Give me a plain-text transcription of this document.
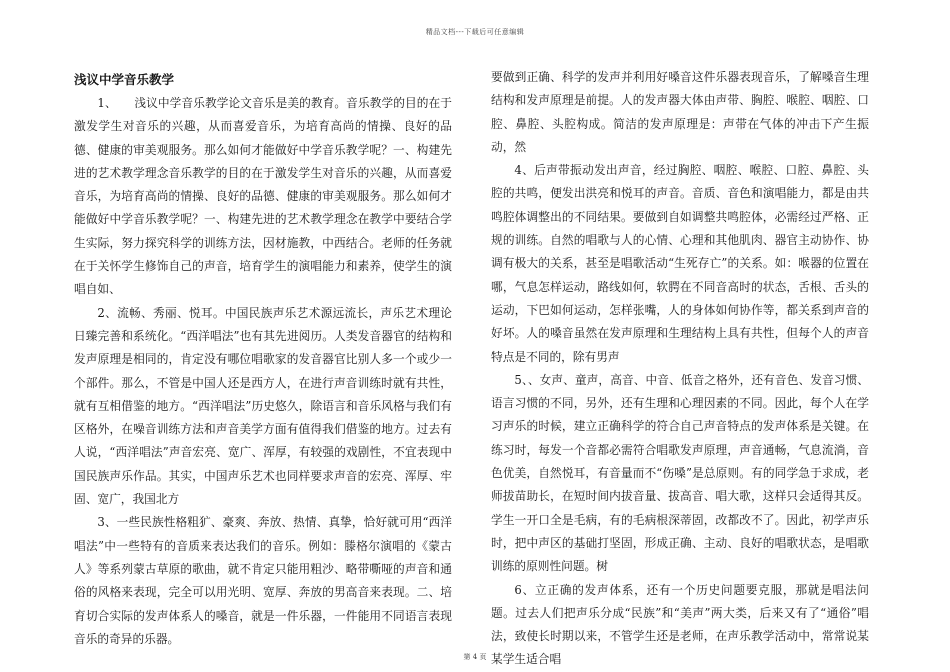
精品文档---下载后可任意编辑
浅议中学音乐教学

1、　　浅议中学音乐教学论文音乐是美的教育。音乐教学的目的在于激发学生对音乐的兴趣，从而喜爱音乐，为培育高尚的情操、良好的品德、健康的审美观服务。那么如何才能做好中学音乐教学呢？一、构建先进的艺术教学理念音乐教学的目的在于激发学生对音乐的兴趣，从而喜爱音乐，为培育高尚的情操、良好的品德、健康的审美观服务。那么如何才能做好中学音乐教学呢？一、构建先进的艺术教学理念在教学中要结合学生实际，努力探究科学的训练方法，因材施教，中西结合。老师的任务就在于关怀学生修饰自己的声音，培育学生的演唱能力和素养，使学生的演唱自如、

2、流畅、秀丽、悦耳。中国民族声乐艺术源远流长，声乐艺术理论日臻完善和系统化。“西洋唱法”也有其先进阅历。人类发音器官的结构和发声原理是相同的，肯定没有哪位唱歌家的发音器官比别人多一个或少一个部件。那么，不管是中国人还是西方人，在进行声音训练时就有共性，就有互相借鉴的地方。“西洋唱法”历史悠久，除语言和音乐风格与我们有区格外，在噪音训练方法和声音美学方面有值得我们借鉴的地方。过去有人说，“西洋唱法”声音宏亮、宽广、浑厚，有较强的戏剧性，不宜表现中国民族声乐作品。其实，中国声乐艺术也同样要求声音的宏亮、浑厚、牢固、宽广，我国北方

3、一些民族性格粗犷、豪爽、奔放、热情、真挚，恰好就可用“西洋唱法”中一些特有的音质来表达我们的音乐。例如：滕格尔演唱的《蒙古人》等系列蒙古草原的歌曲，就不肯定只能用粗沙、略带嘶哑的声音和通俗的风格来表现，完全可以用光明、宽厚、奔放的男高音来表现。二、培育切合实际的发声体系人的嗓音，就是一件乐器，一件能用不同语言表现音乐的奇异的乐器。

要做到正确、科学的发声并利用好嗓音这件乐器表现音乐，了解嗓音生理结构和发声原理是前提。人的发声器大体由声带、胸腔、喉腔、咽腔、口腔、鼻腔、头腔构成。简洁的发声原理是：声带在气体的冲击下产生振动，然

4、后声带振动发出声音，经过胸腔、咽腔、喉腔、口腔、鼻腔、头腔的共鸣，便发出洪亮和悦耳的声音。音质、音色和演唱能力，都是由共鸣腔体调整出的不同结果。要做到自如调整共鸣腔体，必需经过严格、正规的训练。自然的唱歌与人的心情、心理和其他肌肉、器官主动协作、协调有极大的关系，甚至是唱歌活动“生死存亡”的关系。如：喉器的位置在哪，气息怎样运动，路线如何，软腭在不同音高时的状态，舌根、舌头的运动，下巴如何运动，怎样张嘴，人的身体如何协作等，都关系到声音的好坏。人的嗓音虽然在发声原理和生理结构上具有共性，但每个人的声音特点是不同的，除有男声

5、、女声、童声，高音、中音、低音之格外，还有音色、发音习惯、语言习惯的不同，另外，还有生理和心理因素的不同。因此，每个人在学习声乐的时候，建立正确科学的符合自己声音特点的发声体系是关键。在练习时，每发一个音都必需符合唱歌发声原理，声音通畅，气息流淌，音色优美，自然悦耳，有音量而不“伤嗓”是总原则。有的同学急于求成，老师拔苗助长，在短时间内拔音量、拔高音、唱大歌，这样只会适得其反。学生一开口全是毛病，有的毛病根深蒂固，改都改不了。因此，初学声乐时，把中声区的基础打坚固，形成正确、主动、良好的唱歌状态，是唱歌训练的原则性问题。树

6、立正确的发声体系，还有一个历史问题要克服，那就是唱法问题。过去人们把声乐分成“民族”和“美声”两大类，后来又有了“通俗”唱法，致使长时期以来，不管学生还是老师，在声乐教学活动中，常常说某某学生适合唱

第 4 页
